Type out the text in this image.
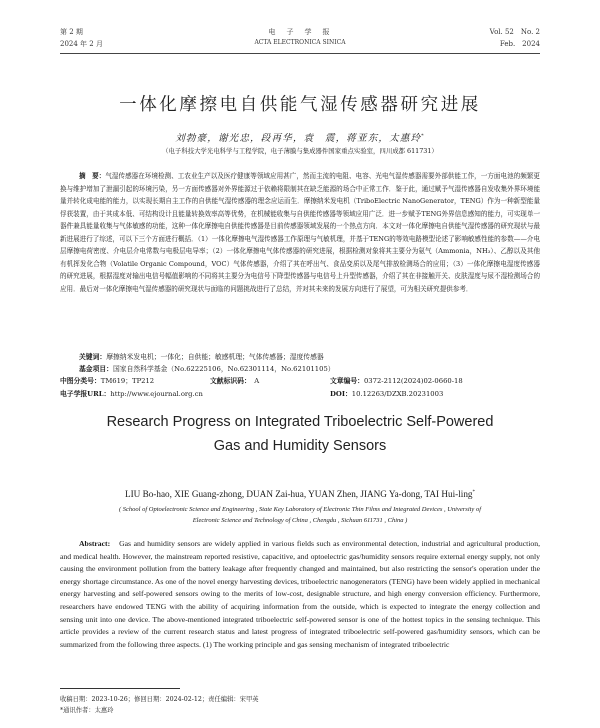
第 2 期
2024 年 2 月
电　子　学　报
ACTA ELECTRONICA SINICA
Vol. 52　No. 2
Feb.　2024
一体化摩擦电自供能气湿传感器研究进展
刘勃豪，谢光忠，段再华，袁　震，蒋亚东，太惠玲*
（电子科技大学光电科学与工程学院，电子薄膜与集成器件国家重点实验室，四川成都 611731）
摘　要：气湿传感器在环境检测、工农业生产以及医疗健康等领域应用甚广，然而主流的电阻、电容、光电气湿传感器需要外部供能工作，一方面电池的频繁更换与维护增加了泄漏引起的环境污染，另一方面传感器对外界能源过于依赖将限制其在缺乏能源的场合中正常工作．鉴于此，通过赋予气湿传感器自发收集外界环境能量并转化成电能的能力，以实现长期自主工作的自供能气湿传感器的理念应运而生．摩擦纳米发电机（TriboElectric NanoGenerator，TENG）作为一种新型能量俘获装置，由于其成本低、可结构设计且能量转换效率高等优势，在机械能收集与自供能传感器等领域应用广泛．进一步赋予TENG外界信息感知的能力，可实现单一器件兼具能量收集与气体敏感的功能，这种一体化摩擦电自供能传感器是目前传感器领域发展的一个热点方向．本文对一体化摩擦电自供能气湿传感器的研究现状与最新进展进行了综述，可以下三个方面进行概括．（1）一体化摩擦电气湿传感器工作原理与气敏机理，并基于TENG的等效电路模型论述了影响敏感性能的参数——介电层摩擦电荷密度、介电层介电常数与电极层电导率；（2）一体化摩擦电气体传感器的研究进展，根据检测对象将其主要分为氨气（Ammonia，NH₃）、乙醇以及其他有机挥发化合物（Volatile Organic Compound，VOC）气体传感器，介绍了其在呼出气、食品变质以及尾气排放检测场合的应用；（3）一体化摩擦电湿度传感器的研究进展，根据湿度对输出电信号幅值影响的不同将其主要分为电信号下降型传感器与电信号上升型传感器，介绍了其在非接触开关、皮肤湿度与尿不湿检测场合的应用．最后对一体化摩擦电气湿传感器的研究现状与面临的问题挑战进行了总结，并对其未来的发展方向进行了展望，可为相关研究提供参考．
关键词：摩擦纳米发电机；一体化；自供能；敏感机理；气体传感器；湿度传感器
基金项目：国家自然科学基金（No.62225106，No.62301114，No.62101105）
中图分类号：TM619；TP212	文献标识码：　 A	文章编号：0372-2112(2024)02-0660-18
电子学报URL：http://www.ejournal.org.cn	DOI：10.12263/DZXB.20231003
Research Progress on Integrated Triboelectric Self-Powered
Gas and Humidity Sensors
LIU Bo-hao, XIE Guang-zhong, DUAN Zai-hua, YUAN Zhen, JIANG Ya-dong, TAI Hui-ling*
( School of Optoelectronic Science and Engineering , State Key Laboratory of Electronic Thin Films and Integrated Devices , University of
Electronic Science and Technology of China , Chengdu , Sichuan 611731 , China )
Abstract:　 Gas and humidity sensors are widely applied in various fields such as environmental detection, industrial and agricultural production, and medical health. However, the mainstream reported resistive, capacitive, and optoelectric gas/humidity sensors require external energy supply, not only causing the environment pollution from the battery leakage after frequently changed and maintained, but also restricting the sensor's operation under the energy shortage circumstance. As one of the novel energy harvesting devices, triboelectric nanogenerators (TENG) have been widely applied in mechanical energy harvesting and self-powered sensors owing to the merits of low-cost, designable structure, and high energy conversion efficiency. Furthermore, researchers have endowed TENG with the ability of acquiring information from the outside, which is expected to integrate the energy collection and sensing unit into one device. The above-mentioned integrated triboelectric self-powered sensor is one of the hottest topics in the sensing technique. This article provides a review of the current research status and latest progress of integrated triboelectric self-powered gas/humidity sensors, which can be summarized from the following three aspects. (1) The working principle and gas sensing mechanism of integrated triboelectric
收稿日期：2023-10-26；修回日期：2024-02-12；责任编辑：宋甲英
*通讯作者：太惠玲
